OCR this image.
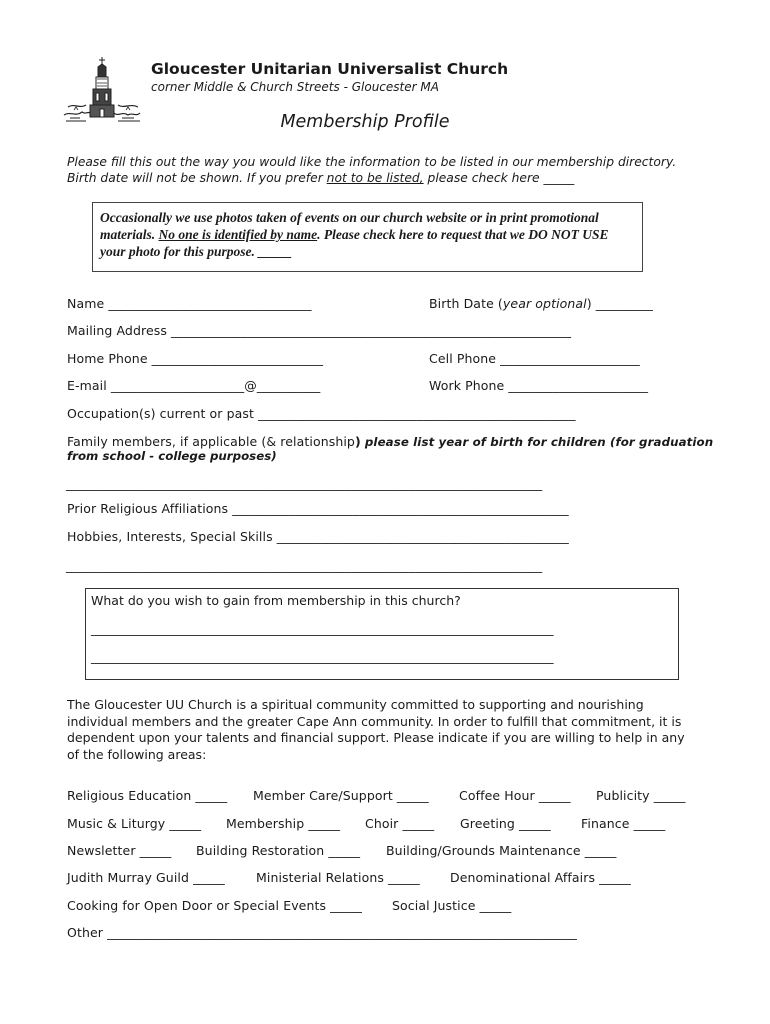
Gloucester Unitarian Universalist Church
corner Middle & Church Streets - Gloucester MA
Membership Profile
Please fill this out the way you would like the information to be listed in our membership directory.
Birth date will not be shown. If you prefer not to be listed, please check here _____
Occasionally we use photos taken of events on our church website or in print promotional
materials. No one is identified by name. Please check here to request that we DO NOT USE
your photo for this purpose. _____
Name ________________________________	Birth Date (year optional) _________
Mailing Address _______________________________________________________________
Home Phone ___________________________	Cell Phone ______________________
E-mail _____________________@__________	Work Phone ______________________
Occupation(s) current or past __________________________________________________
Family members, if applicable (& relationship) please list year of birth for children (for graduation
from school - college purposes)
___________________________________________________________________________
Prior Religious Affiliations _____________________________________________________
Hobbies, Interests, Special Skills ______________________________________________
___________________________________________________________________________
What do you wish to gain from membership in this church?
__________________________________________________________________________
__________________________________________________________________________
The Gloucester UU Church is a spiritual community committed to supporting and nourishing
individual members and the greater Cape Ann community. In order to fulfill that commitment, it is
dependent upon your talents and financial support. Please indicate if you are willing to help in any
of the following areas:
Religious Education _____ Member Care/Support _____ Coffee Hour _____ Publicity _____
Music & Liturgy _____ Membership _____ Choir _____ Greeting _____ Finance _____
Newsletter _____ Building Restoration _____ Building/Grounds Maintenance _____
Judith Murray Guild _____ Ministerial Relations _____ Denominational Affairs _____
Cooking for Open Door or Special Events _____ Social Justice _____
Other __________________________________________________________________________
